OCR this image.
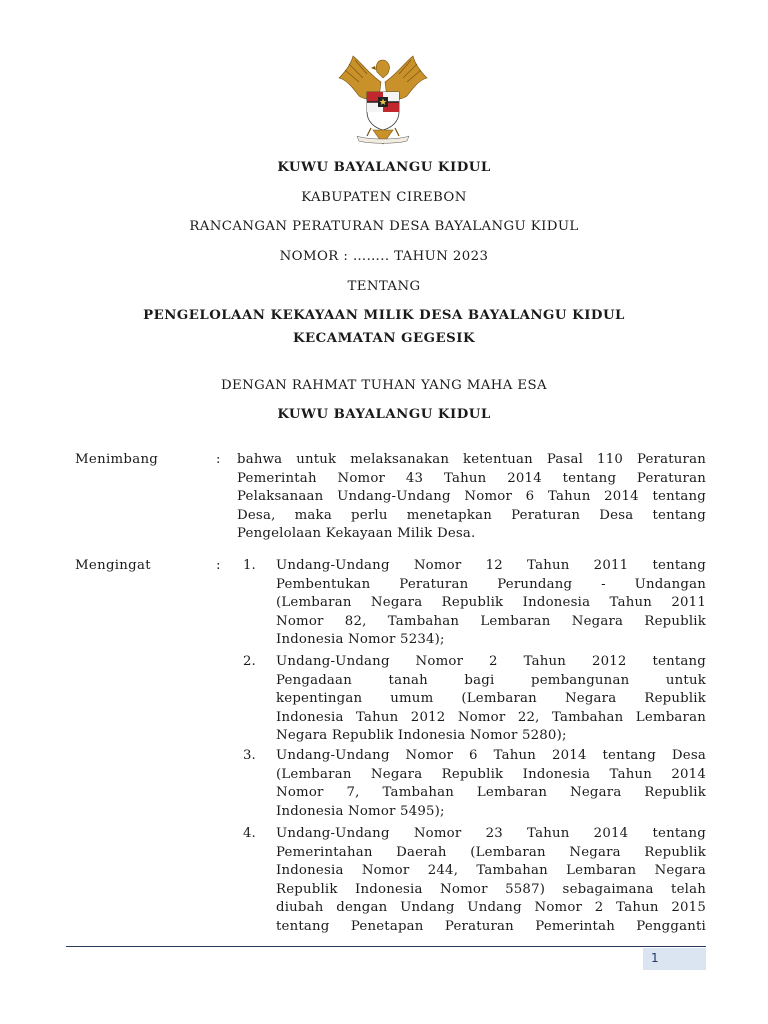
KUWU BAYALANGU KIDUL
KABUPATEN CIREBON
RANCANGAN PERATURAN DESA BAYALANGU KIDUL
NOMOR : …….. TAHUN 2023
TENTANG
PENGELOLAAN KEKAYAAN MILIK DESA BAYALANGU KIDUL
KECAMATAN GEGESIK
DENGAN RAHMAT TUHAN YANG MAHA ESA
KUWU BAYALANGU KIDUL
Menimbang	: bahwa untuk melaksanakan ketentuan Pasal 110 Peraturan
Pemerintah Nomor 43 Tahun 2014 tentang Peraturan
Pelaksanaan Undang-Undang Nomor 6 Tahun 2014 tentang
Desa, maka perlu menetapkan Peraturan Desa tentang
Pengelolaan Kekayaan Milik Desa.
Mengingat	: 1. Undang-Undang Nomor 12 Tahun 2011 tentang
Pembentukan Peraturan Perundang - Undangan
(Lembaran Negara Republik Indonesia Tahun 2011
Nomor 82, Tambahan Lembaran Negara Republik
Indonesia Nomor 5234);
2. Undang-Undang Nomor 2 Tahun 2012 tentang
Pengadaan tanah bagi pembangunan untuk
kepentingan umum (Lembaran Negara Republik
Indonesia Tahun 2012 Nomor 22, Tambahan Lembaran
Negara Republik Indonesia Nomor 5280);
3. Undang-Undang Nomor 6 Tahun 2014 tentang Desa
(Lembaran Negara Republik Indonesia Tahun 2014
Nomor 7, Tambahan Lembaran Negara Republik
Indonesia Nomor 5495);
4. Undang-Undang Nomor 23 Tahun 2014 tentang
Pemerintahan Daerah (Lembaran Negara Republik
Indonesia Nomor 244, Tambahan Lembaran Negara
Republik Indonesia Nomor 5587) sebagaimana telah
diubah dengan Undang Undang Nomor 2 Tahun 2015
tentang Penetapan Peraturan Pemerintah Pengganti
1
